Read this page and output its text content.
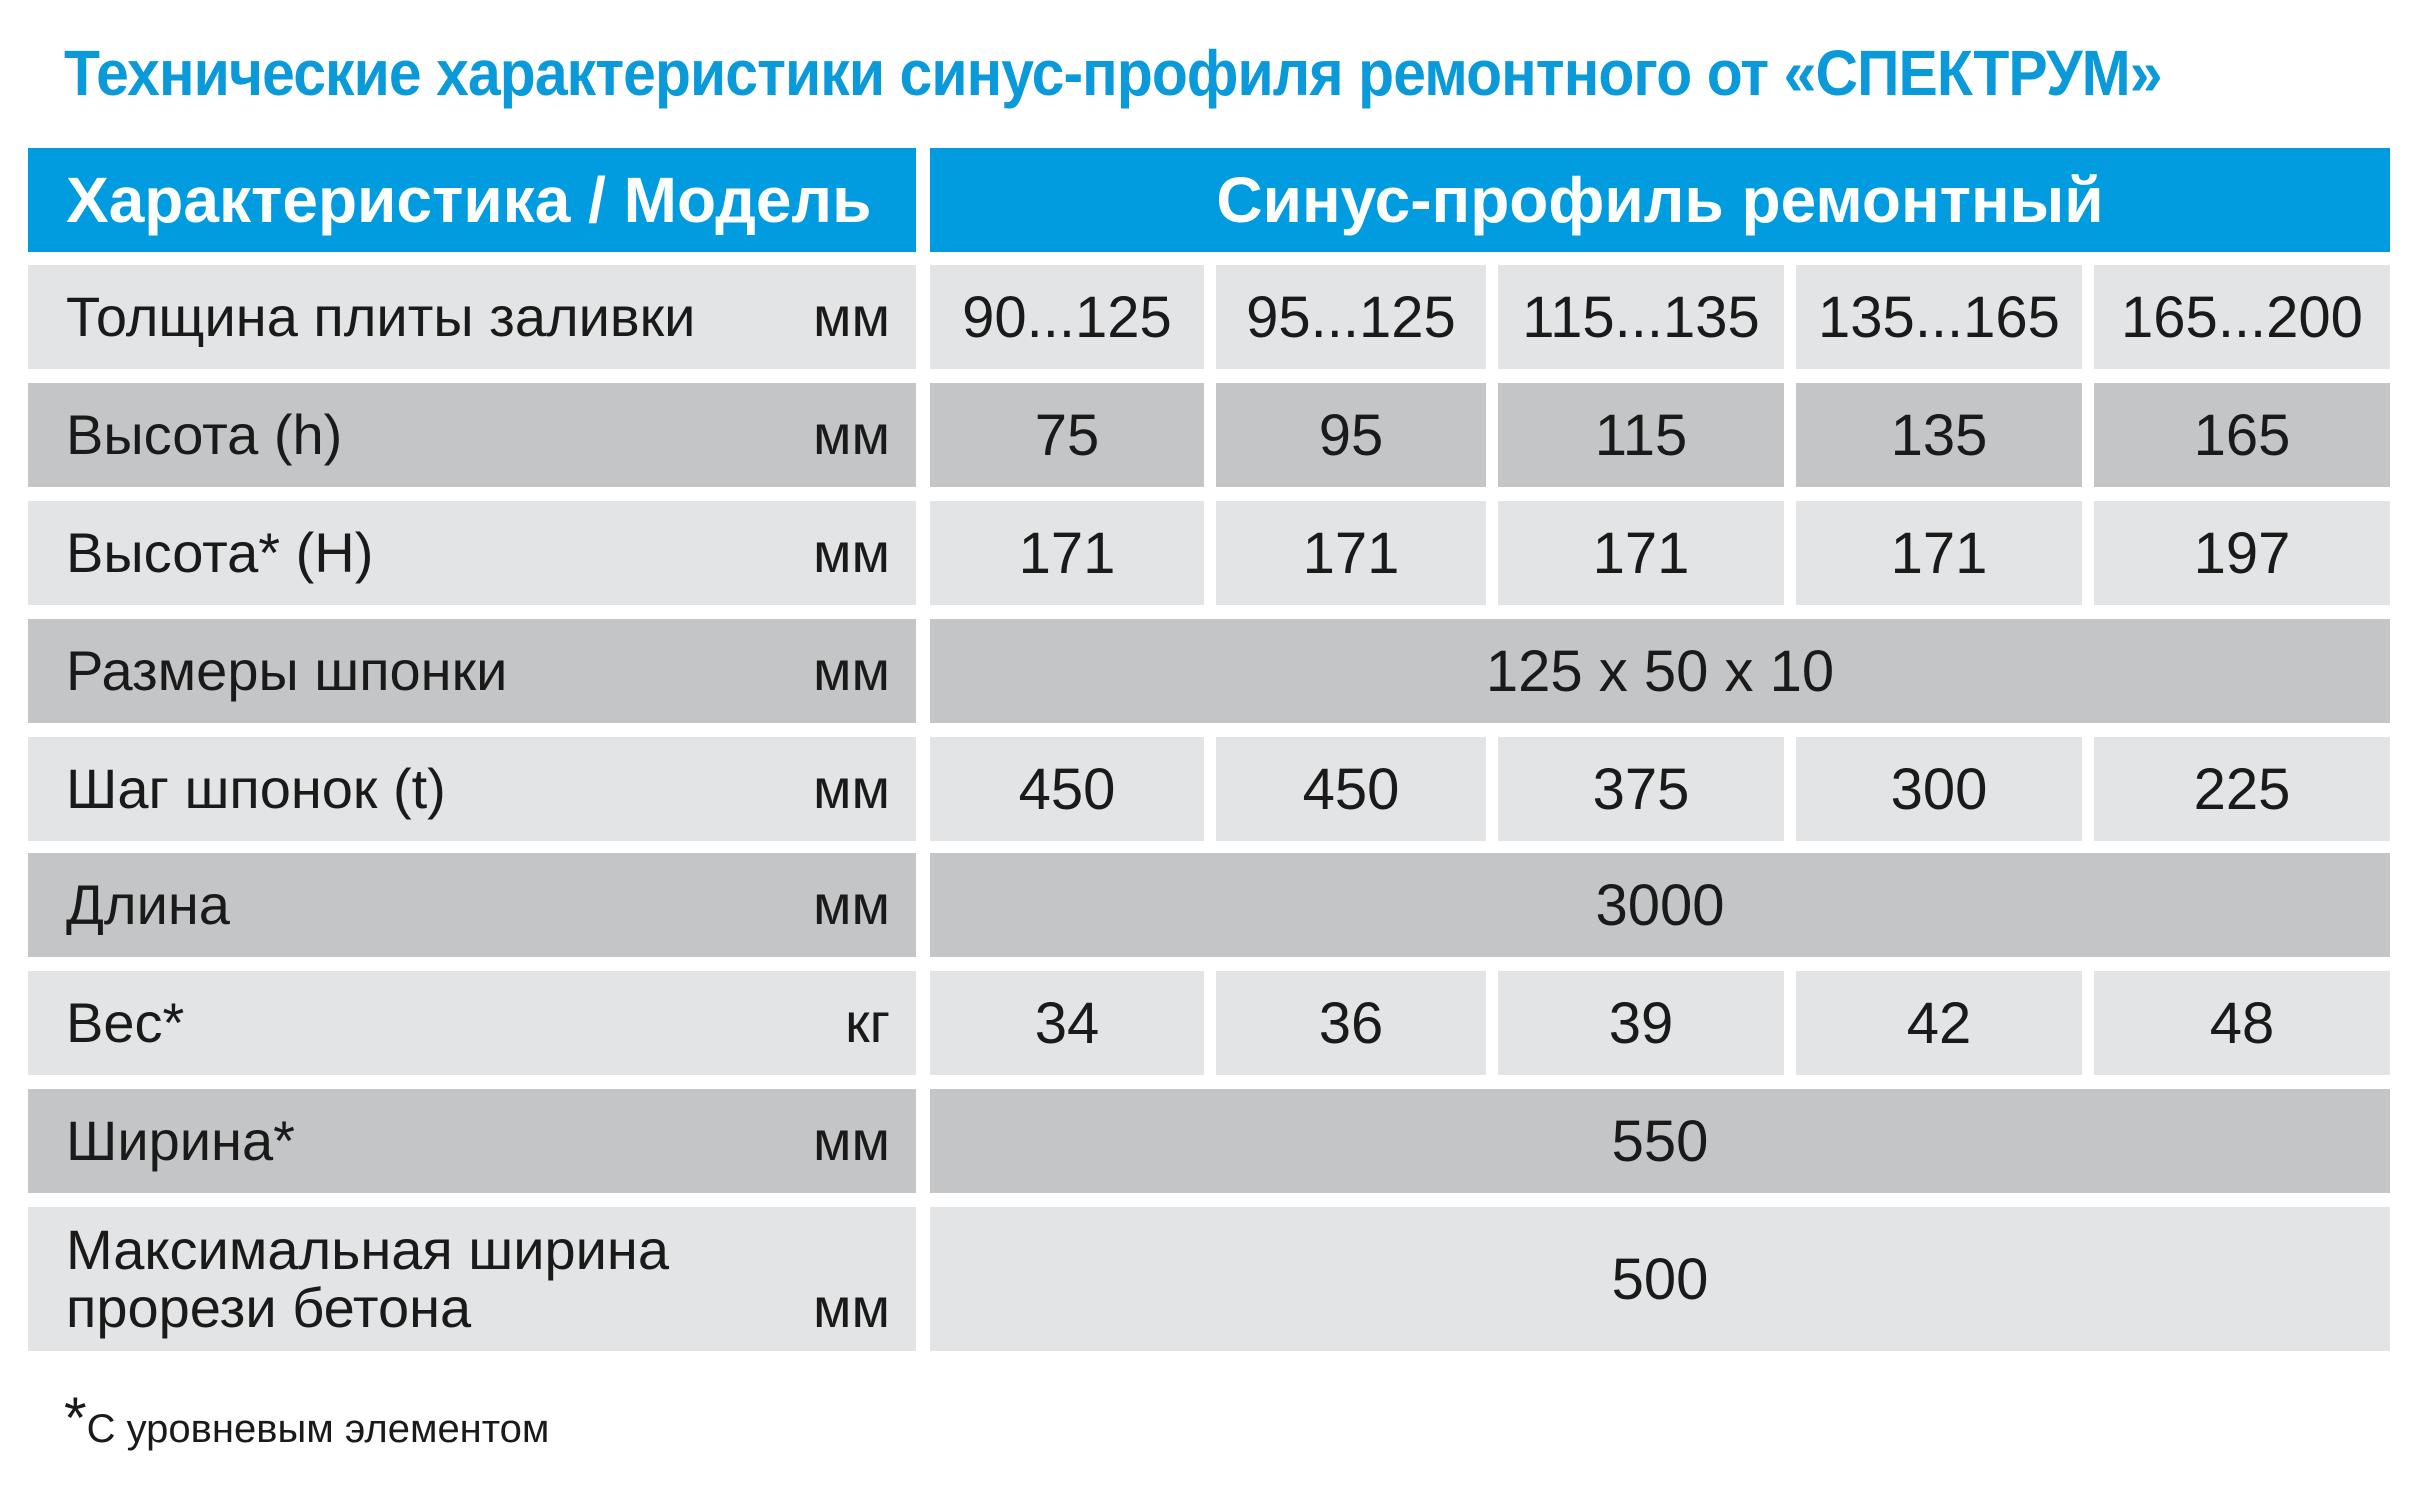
Технические характеристики синус-профиля ремонтного от «СПЕКТРУМ»
Характеристика / Модель	Синус-профиль ремонтный
Толщина плиты заливки мм	90...125	95...125	115...135	135...165	165...200
Высота (h)	мм	75	95	115	135	165
Высота* (H)	мм	171	171	171	171	197
Размеры шпонки	мм	125 x 50 x 10
Шаг шпонок (t)	мм	450	450	375	300	225
Длина	мм	3000
Вес*	кг	34	36	39	42	48
Ширина*	мм	550
Максимальная ширина прорези бетона	мм	500
*С уровневым элементом
